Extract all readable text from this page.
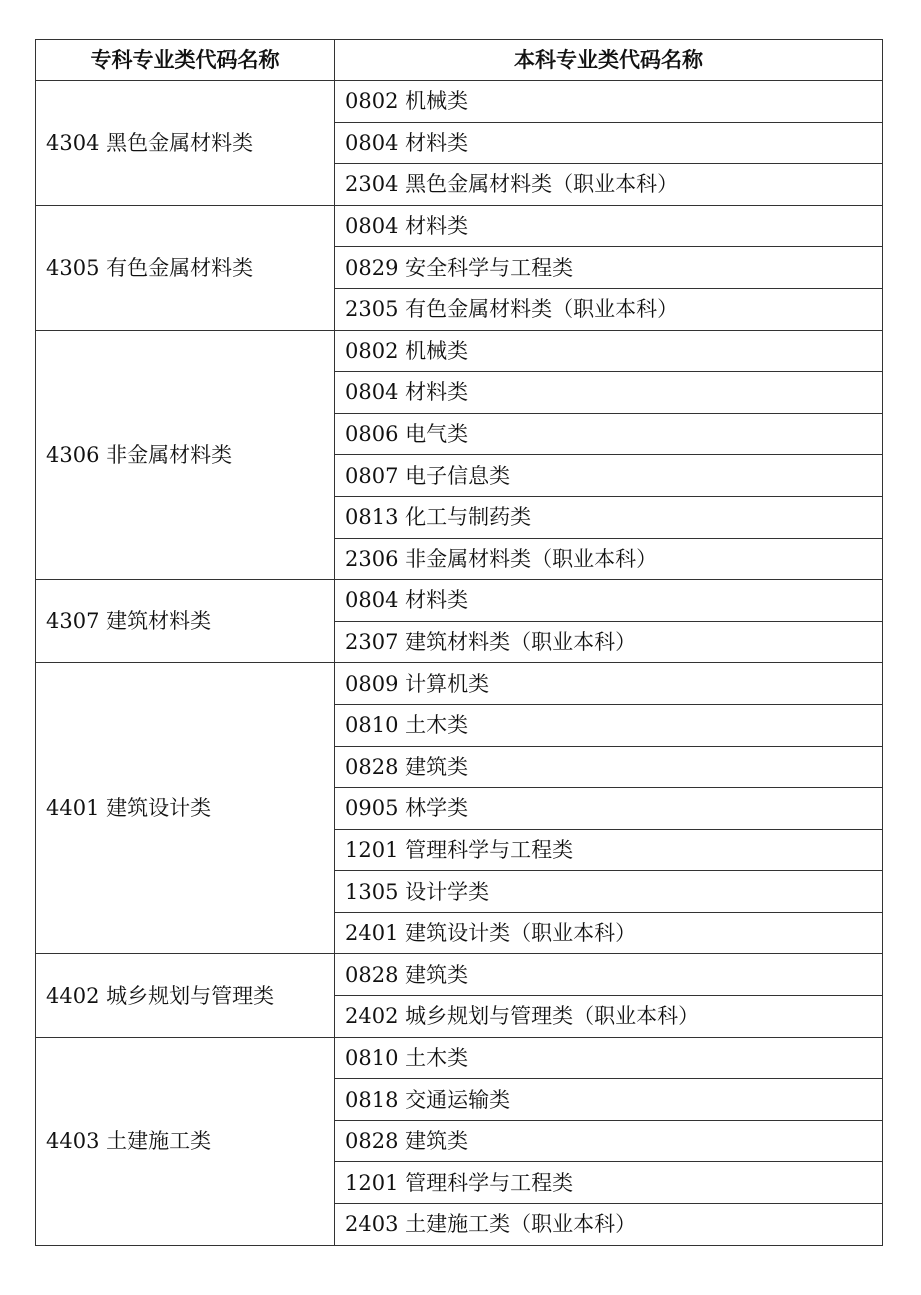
专科专业类代码名称	本科专业类代码名称
4304 黑色金属材料类	0802 机械类
	0804 材料类
	2304 黑色金属材料类（职业本科）
4305 有色金属材料类	0804 材料类
	0829 安全科学与工程类
	2305 有色金属材料类（职业本科）
4306 非金属材料类	0802 机械类
	0804 材料类
	0806 电气类
	0807 电子信息类
	0813 化工与制药类
	2306 非金属材料类（职业本科）
4307 建筑材料类	0804 材料类
	2307 建筑材料类（职业本科）
4401 建筑设计类	0809 计算机类
	0810 土木类
	0828 建筑类
	0905 林学类
	1201 管理科学与工程类
	1305 设计学类
	2401 建筑设计类（职业本科）
4402 城乡规划与管理类	0828 建筑类
	2402 城乡规划与管理类（职业本科）
4403 土建施工类	0810 土木类
	0818 交通运输类
	0828 建筑类
	1201 管理科学与工程类
	2403 土建施工类（职业本科）
